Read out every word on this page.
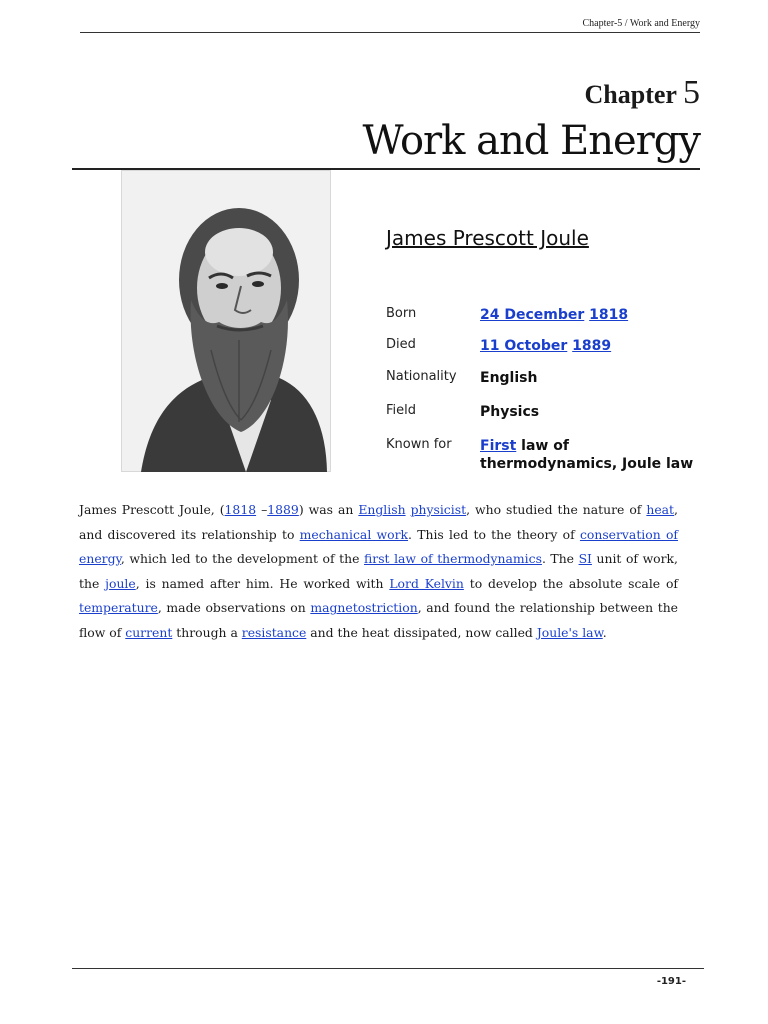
Chapter-5 / Work and Energy
Chapter 5
Work and Energy
James Prescott Joule
Born	24 December 1818
Died	11 October 1889
Nationality	English
Field	Physics
Known for	First law of thermodynamics, Joule law
James Prescott Joule, (1818 –1889) was an English physicist, who studied the nature of heat, and discovered its relationship to mechanical work. This led to the theory of conservation of energy, which led to the development of the first law of thermodynamics. The SI unit of work, the joule, is named after him. He worked with Lord Kelvin to develop the absolute scale of temperature, made observations on magnetostriction, and found the relationship between the flow of current through a resistance and the heat dissipated, now called Joule's law.
-191-
